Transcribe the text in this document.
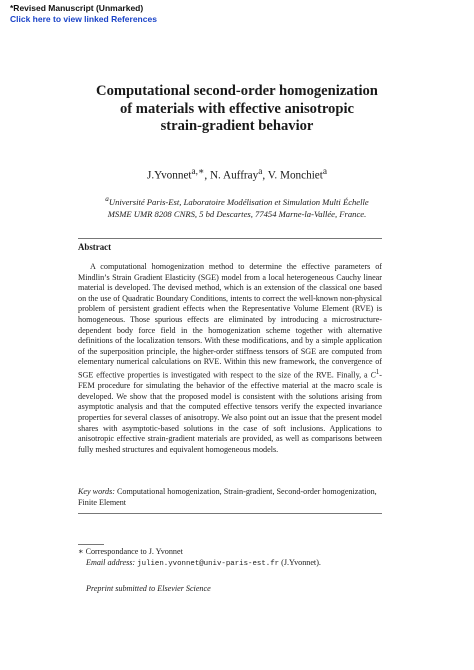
*Revised Manuscript (Unmarked)
Click here to view linked References
Computational second-order homogenization
of materials with effective anisotropic
strain-gradient behavior
J.Yvonnet$^{a,∗}$, N. Auffray$^a$, V. Monchiet$^a$
$^a$Université Paris-Est, Laboratoire Modélisation et Simulation Multi Échelle
MSME UMR 8208 CNRS, 5 bd Descartes, 77454 Marne-la-Vallée, France.
Abstract
A computational homogenization method to determine the effective parameters of Mindlin’s Strain Gradient Elasticity (SGE) model from a local heterogeneous Cauchy linear material is developed. The devised method, which is an extension of the classical one based on the use of Quadratic Boundary Conditions, intents to correct the well-known non-physical problem of persistent gradient effects when the Representative Volume Element (RVE) is homogeneous. Those spurious effects are eliminated by introducing a microstructure-dependent body force field in the homogenization scheme together with alternative definitions of the localization tensors. With these modifications, and by a simple application of the superposition principle, the higher-order stiffness tensors of SGE are computed from elementary numerical calculations on RVE. Within this new framework, the convergence of SGE effective properties is investigated with respect to the size of the RVE. Finally, a $C^1$-FEM procedure for simulating the behavior of the effective material at the macro scale is developed. We show that the proposed model is consistent with the solutions arising from asymptotic analysis and that the computed effective tensors verify the expected invariance properties for several classes of anisotropy. We also point out an issue that the present model shares with asymptotic-based solutions in the case of soft inclusions. Applications to anisotropic effective strain-gradient materials are provided, as well as comparisons between fully meshed structures and equivalent homogeneous models.
Key words: Computational homogenization, Strain-gradient, Second-order homogenization, Finite Element
∗ Correspondance to J. Yvonnet
Email address: julien.yvonnet@univ-paris-est.fr (J.Yvonnet).
Preprint submitted to Elsevier Science
